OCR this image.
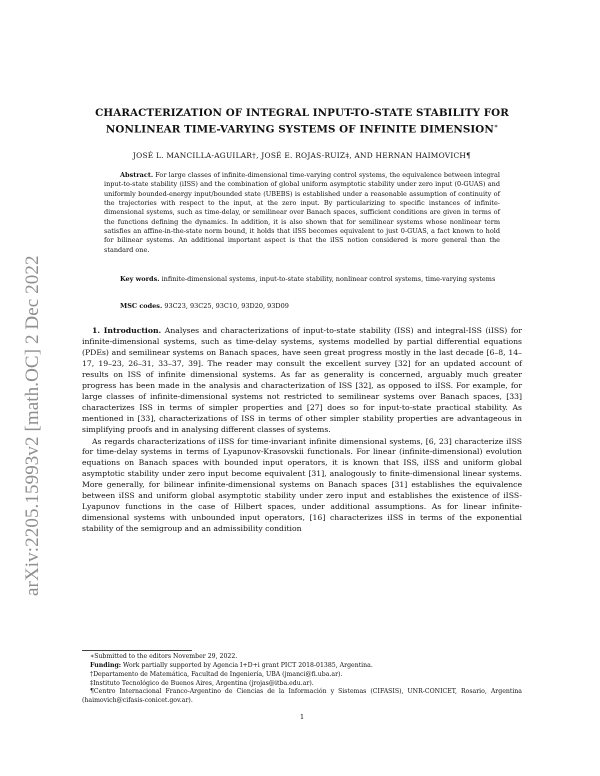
arXiv:2205.15993v2 [math.OC] 2 Dec 2022
CHARACTERIZATION OF INTEGRAL INPUT-TO-STATE STABILITY FOR NONLINEAR TIME-VARYING SYSTEMS OF INFINITE DIMENSION∗
JOSÉ L. MANCILLA-AGUILAR†, JOSÉ E. ROJAS-RUIZ‡, AND HERNAN HAIMOVICH¶
Abstract. For large classes of infinite-dimensional time-varying control systems, the equivalence between integral input-to-state stability (iISS) and the combination of global uniform asymptotic stability under zero input (0-GUAS) and uniformly bounded-energy input/bounded state (UBEBS) is established under a reasonable assumption of continuity of the trajectories with respect to the input, at the zero input. By particularizing to specific instances of infinite-dimensional systems, such as time-delay, or semilinear over Banach spaces, sufficient conditions are given in terms of the functions defining the dynamics. In addition, it is also shown that for semilinear systems whose nonlinear term satisfies an affine-in-the-state norm bound, it holds that iISS becomes equivalent to just 0-GUAS, a fact known to hold for bilinear systems. An additional important aspect is that the iISS notion considered is more general than the standard one.
Key words. infinite-dimensional systems, input-to-state stability, nonlinear control systems, time-varying systems
MSC codes. 93C23, 93C25, 93C10, 93D20, 93D09

1. Introduction. Analyses and characterizations of input-to-state stability (ISS) and integral-ISS (iISS) for infinite-dimensional systems, such as time-delay systems, systems modelled by partial differential equations (PDEs) and semilinear systems on Banach spaces, have seen great progress mostly in the last decade [6–8, 14–17, 19–23, 26–31, 33–37, 39]. The reader may consult the excellent survey [32] for an updated account of results on ISS of infinite dimensional systems. As far as generality is concerned, arguably much greater progress has been made in the analysis and characterization of ISS [32], as opposed to iISS. For example, for large classes of infinite-dimensional systems not restricted to semilinear systems over Banach spaces, [33] characterizes ISS in terms of simpler properties and [27] does so for input-to-state practical stability. As mentioned in [33], characterizations of ISS in terms of other simpler stability properties are advantageous in simplifying proofs and in analysing different classes of systems.

As regards characterizations of iISS for time-invariant infinite dimensional systems, [6, 23] characterize iISS for time-delay systems in terms of Lyapunov-Krasovskii functionals. For linear (infinite-dimensional) evolution equations on Banach spaces with bounded input operators, it is known that ISS, iISS and uniform global asymptotic stability under zero input become equivalent [31], analogously to finite-dimensional linear systems. More generally, for bilinear infinite-dimensional systems on Banach spaces [31] establishes the equivalence between iISS and uniform global asymptotic stability under zero input and establishes the existence of iISS-Lyapunov functions in the case of Hilbert spaces, under additional assumptions. As for linear infinite-dimensional systems with unbounded input operators, [16] characterizes iISS in terms of the exponential stability of the semigroup and an admissibility condition

∗Submitted to the editors November 29, 2022.
Funding: Work partially supported by Agencia I+D+i grant PICT 2018-01385, Argentina.
†Departamento de Matemática, Facultad de Ingeniería, UBA (jmanci@fi.uba.ar).
‡Instituto Tecnológico de Buenos Aires, Argentina (jrojas@itba.edu.ar).
¶Centro Internacional Franco-Argentino de Ciencias de la Información y Sistemas (CIFASIS), UNR-CONICET, Rosario, Argentina (haimovich@cifasis-conicet.gov.ar).
1
